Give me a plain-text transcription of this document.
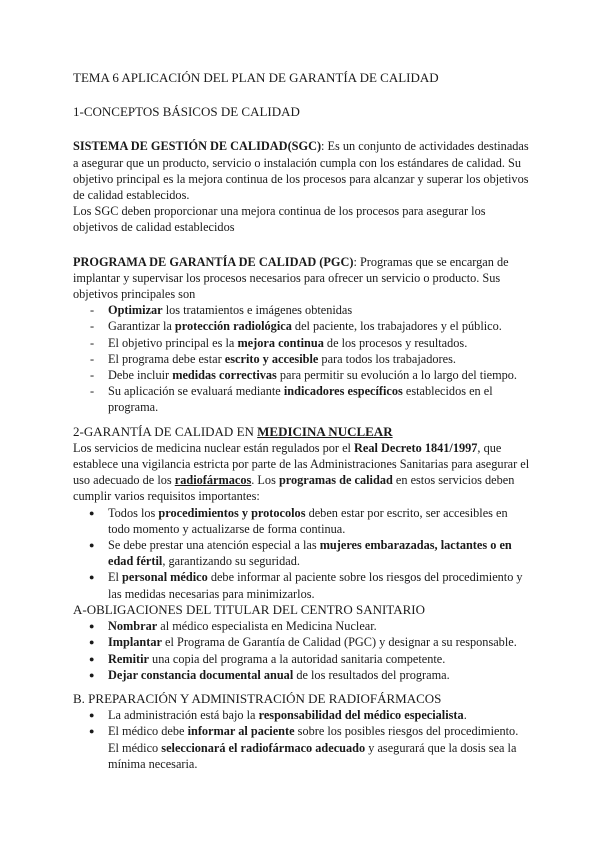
TEMA 6 APLICACIÓN DEL PLAN DE GARANTÍA DE CALIDAD

1-CONCEPTOS BÁSICOS DE CALIDAD

SISTEMA DE GESTIÓN DE CALIDAD(SGC): Es un conjunto de actividades destinadas a asegurar que un producto, servicio o instalación cumpla con los estándares de calidad. Su objetivo principal es la mejora continua de los procesos para alcanzar y superar los objetivos de calidad establecidos.

Los SGC deben proporcionar una mejora continua de los procesos para asegurar los objetivos de calidad establecidos

PROGRAMA DE GARANTÍA DE CALIDAD (PGC): Programas que se encargan de implantar y supervisar los procesos necesarios para ofrecer un servicio o producto. Sus objetivos principales son

- Optimizar los tratamientos e imágenes obtenidas
- Garantizar la protección radiológica del paciente, los trabajadores y el público.
- El objetivo principal es la mejora continua de los procesos y resultados.
- El programa debe estar escrito y accesible para todos los trabajadores.
- Debe incluir medidas correctivas para permitir su evolución a lo largo del tiempo.
- Su aplicación se evaluará mediante indicadores específicos establecidos en el programa.

2-GARANTÍA DE CALIDAD EN MEDICINA NUCLEAR

Los servicios de medicina nuclear están regulados por el Real Decreto 1841/1997, que establece una vigilancia estricta por parte de las Administraciones Sanitarias para asegurar el uso adecuado de los radiofármacos. Los programas de calidad en estos servicios deben cumplir varios requisitos importantes:

● Todos los procedimientos y protocolos deben estar por escrito, ser accesibles en todo momento y actualizarse de forma continua.
● Se debe prestar una atención especial a las mujeres embarazadas, lactantes o en edad fértil, garantizando su seguridad.
● El personal médico debe informar al paciente sobre los riesgos del procedimiento y las medidas necesarias para minimizarlos.

A-OBLIGACIONES DEL TITULAR DEL CENTRO SANITARIO

● Nombrar al médico especialista en Medicina Nuclear.
● Implantar el Programa de Garantía de Calidad (PGC) y designar a su responsable.
● Remitir una copia del programa a la autoridad sanitaria competente.
● Dejar constancia documental anual de los resultados del programa.

B. PREPARACIÓN Y ADMINISTRACIÓN DE RADIOFÁRMACOS

● La administración está bajo la responsabilidad del médico especialista.
● El médico debe informar al paciente sobre los posibles riesgos del procedimiento. El médico seleccionará el radiofármaco adecuado y asegurará que la dosis sea la mínima necesaria.
